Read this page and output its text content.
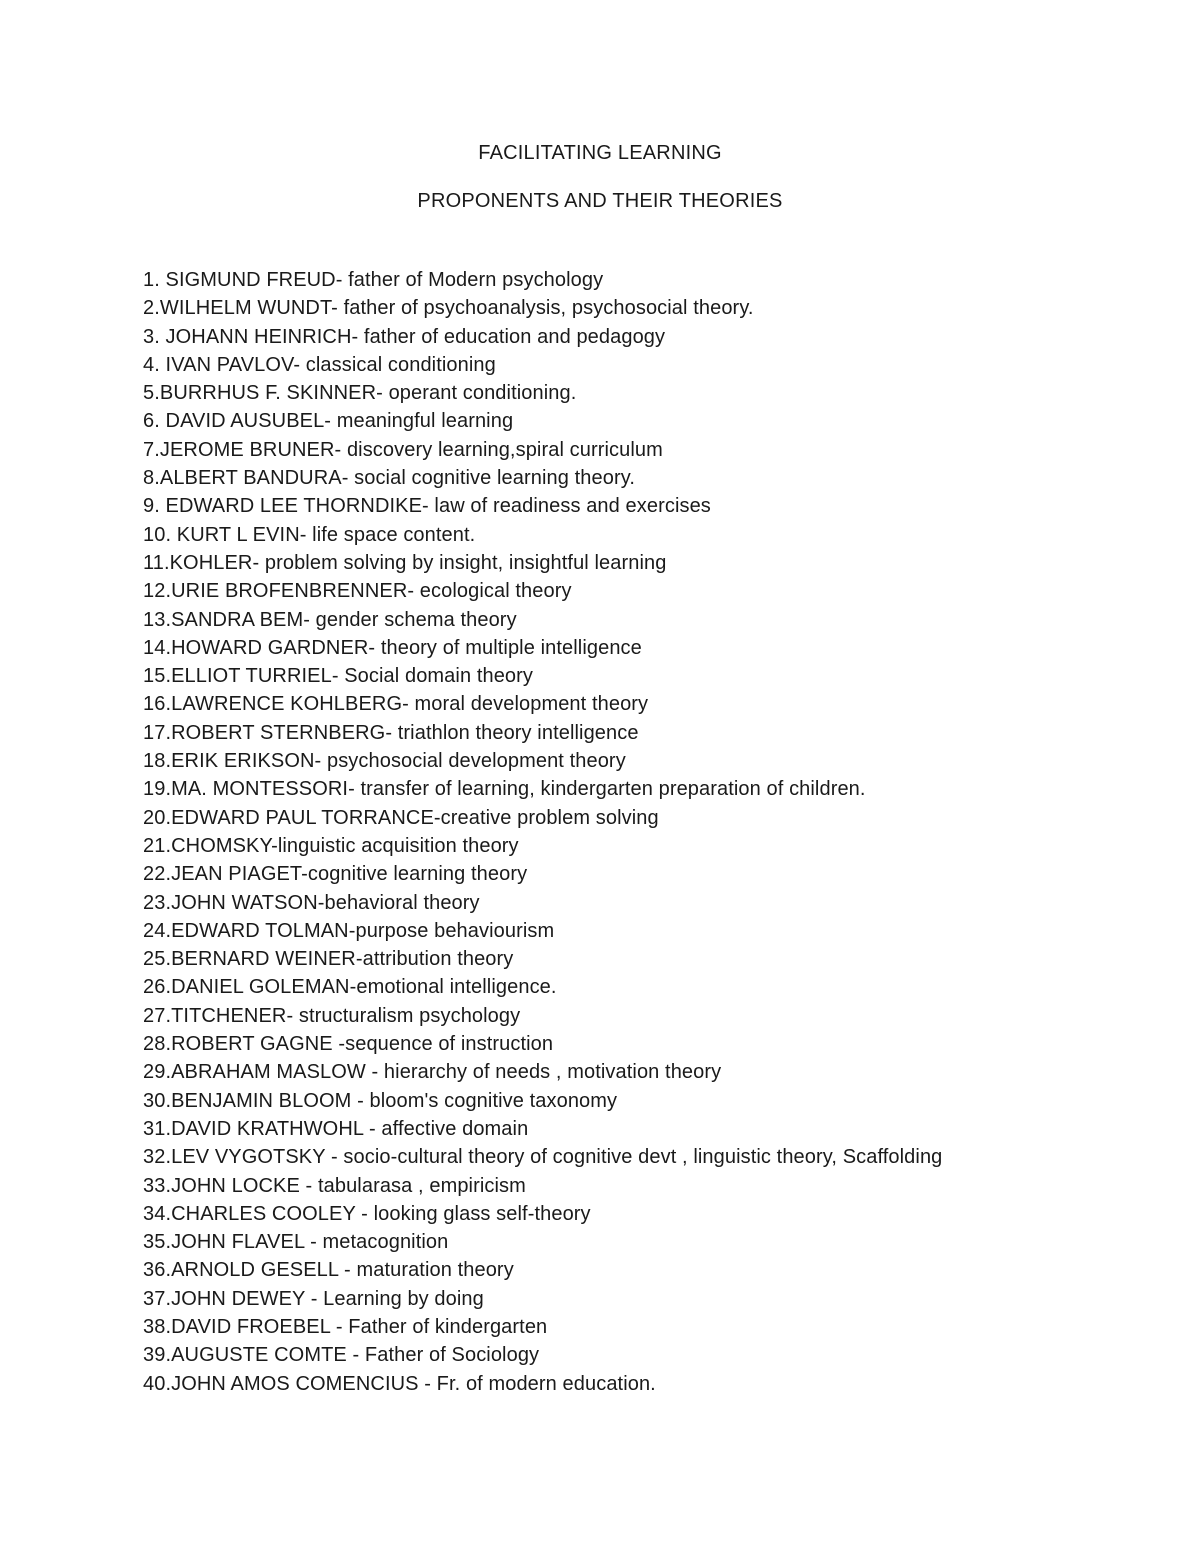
FACILITATING LEARNING
PROPONENTS AND THEIR THEORIES
1. SIGMUND FREUD- father of Modern psychology
2.WILHELM WUNDT- father of psychoanalysis, psychosocial theory.
3. JOHANN HEINRICH- father of education and pedagogy
4. IVAN PAVLOV- classical conditioning
5.BURRHUS F. SKINNER- operant conditioning.
6. DAVID AUSUBEL- meaningful learning
7.JEROME BRUNER- discovery learning,spiral curriculum
8.ALBERT BANDURA- social cognitive learning theory.
9. EDWARD LEE THORNDIKE- law of readiness and exercises
10. KURT L EVIN- life space content.
11.KOHLER- problem solving by insight, insightful learning
12.URIE BROFENBRENNER- ecological theory
13.SANDRA BEM- gender schema theory
14.HOWARD GARDNER- theory of multiple intelligence
15.ELLIOT TURRIEL- Social domain theory
16.LAWRENCE KOHLBERG- moral development theory
17.ROBERT STERNBERG- triathlon theory intelligence
18.ERIK ERIKSON- psychosocial development theory
19.MA. MONTESSORI- transfer of learning, kindergarten preparation of children.
20.EDWARD PAUL TORRANCE-creative problem solving
21.CHOMSKY-linguistic acquisition theory
22.JEAN PIAGET-cognitive learning theory
23.JOHN WATSON-behavioral theory
24.EDWARD TOLMAN-purpose behaviourism
25.BERNARD WEINER-attribution theory
26.DANIEL GOLEMAN-emotional intelligence.
27.TITCHENER- structuralism psychology
28.ROBERT GAGNE -sequence of instruction
29.ABRAHAM MASLOW - hierarchy of needs , motivation theory
30.BENJAMIN BLOOM - bloom's cognitive taxonomy
31.DAVID KRATHWOHL - affective domain
32.LEV VYGOTSKY - socio-cultural theory of cognitive devt , linguistic theory, Scaffolding
33.JOHN LOCKE - tabularasa , empiricism
34.CHARLES COOLEY - looking glass self-theory
35.JOHN FLAVEL - metacognition
36.ARNOLD GESELL - maturation theory
37.JOHN DEWEY - Learning by doing
38.DAVID FROEBEL - Father of kindergarten
39.AUGUSTE COMTE - Father of Sociology
40.JOHN AMOS COMENCIUS - Fr. of modern education.
